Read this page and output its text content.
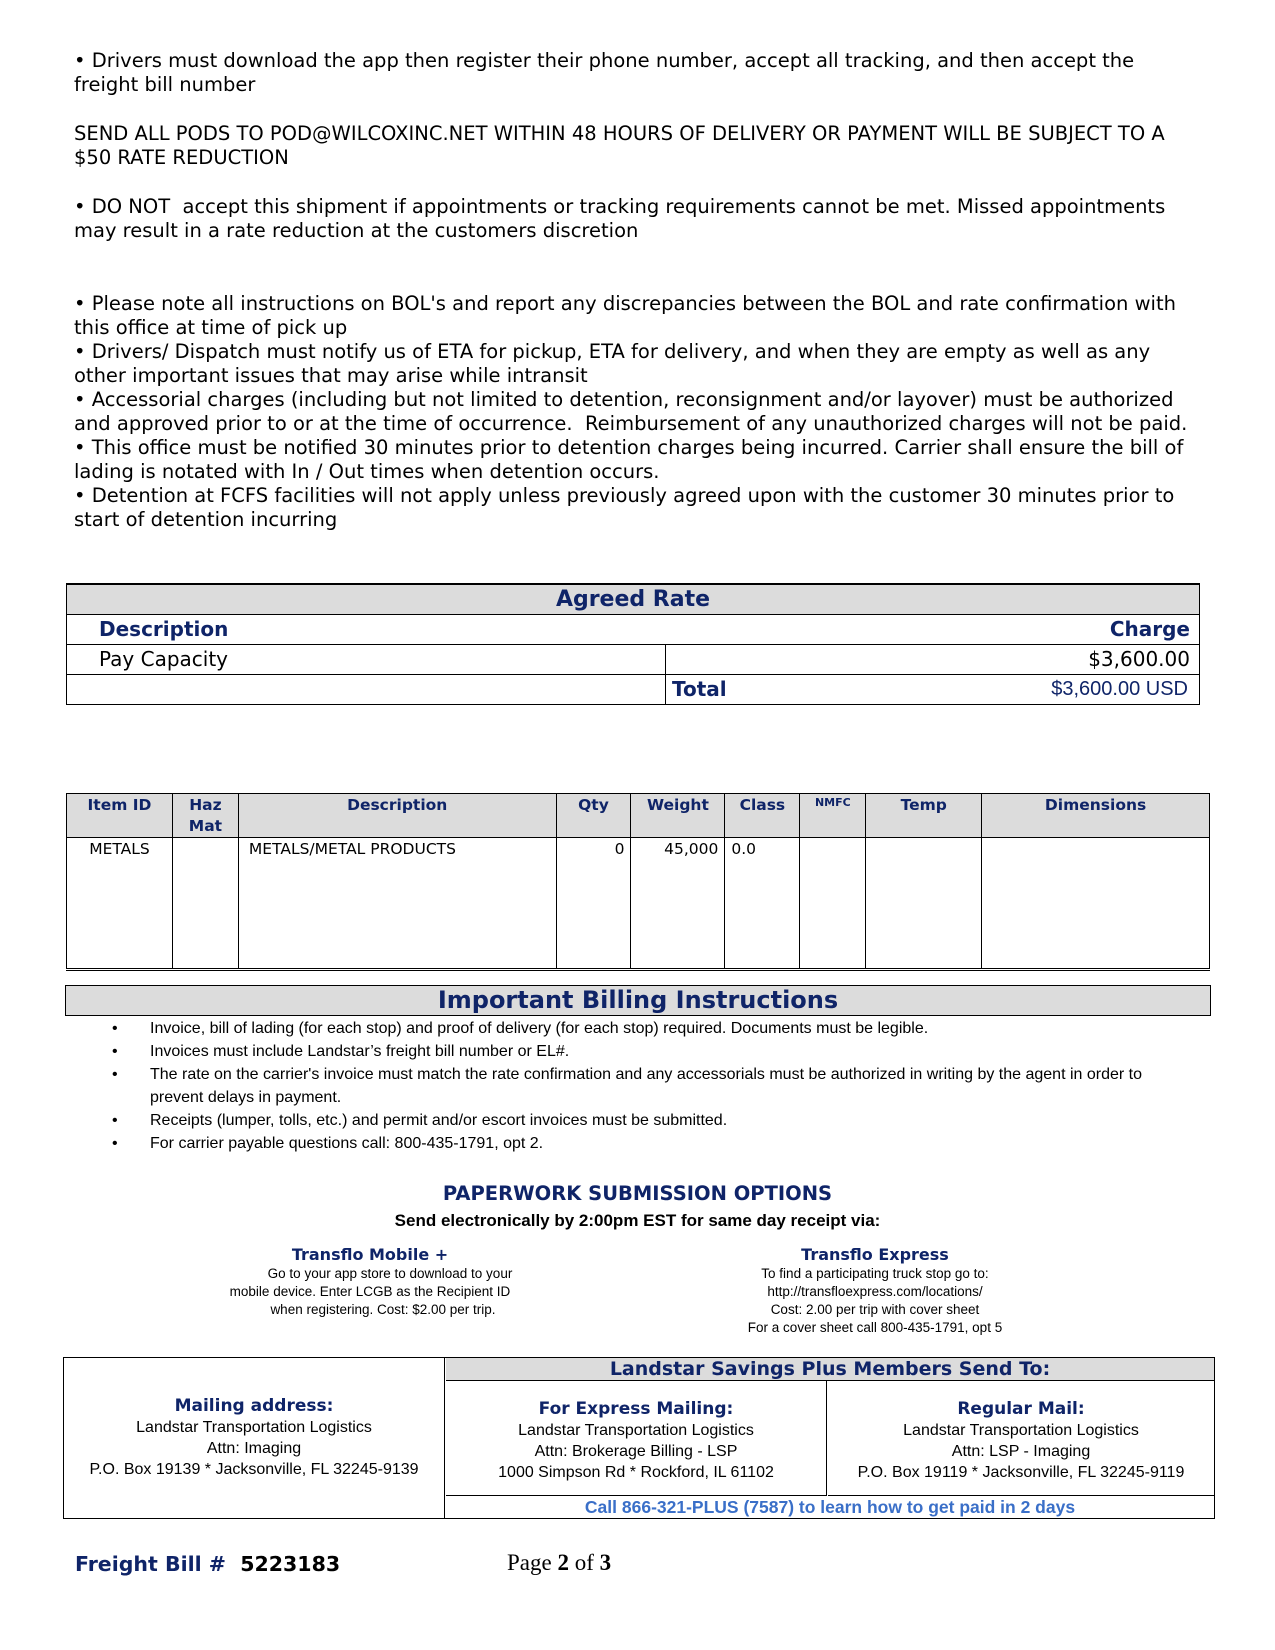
• Drivers must download the app then register their phone number, accept all tracking, and then accept the freight bill number
SEND ALL PODS TO POD@WILCOXINC.NET WITHIN 48 HOURS OF DELIVERY OR PAYMENT WILL BE SUBJECT TO A $50 RATE REDUCTION
• DO NOT  accept this shipment if appointments or tracking requirements cannot be met. Missed appointments may result in a rate reduction at the customers discretion
• Please note all instructions on BOL's and report any discrepancies between the BOL and rate confirmation with this office at time of pick up
• Drivers/ Dispatch must notify us of ETA for pickup, ETA for delivery, and when they are empty as well as any other important issues that may arise while intransit
• Accessorial charges (including but not limited to detention, reconsignment and/or layover) must be authorized and approved prior to or at the time of occurrence.  Reimbursement of any unauthorized charges will not be paid.
• This office must be notified 30 minutes prior to detention charges being incurred. Carrier shall ensure the bill of lading is notated with In / Out times when detention occurs.
• Detention at FCFS facilities will not apply unless previously agreed upon with the customer 30 minutes prior to start of detention incurring
Agreed Rate
Description	Charge
Pay Capacity	$3,600.00
Total	$3,600.00 USD
Item ID	Haz Mat	Description	Qty	Weight	Class	NMFC	Temp	Dimensions
METALS		METALS/METAL PRODUCTS	0	45,000	0.0			
Important Billing Instructions
• Invoice, bill of lading (for each stop) and proof of delivery (for each stop) required. Documents must be legible.
• Invoices must include Landstar’s freight bill number or EL#.
• The rate on the carrier's invoice must match the rate confirmation and any accessorials must be authorized in writing by the agent in order to prevent delays in payment.
• Receipts (lumper, tolls, etc.) and permit and/or escort invoices must be submitted.
• For carrier payable questions call: 800-435-1791, opt 2.
PAPERWORK SUBMISSION OPTIONS
Send electronically by 2:00pm EST for same day receipt via:
Transflo Mobile +
Go to your app store to download to your
mobile device. Enter LCGB as the Recipient ID
when registering. Cost: $2.00 per trip.
Transflo Express
To find a participating truck stop go to:
http://transfloexpress.com/locations/
Cost: 2.00 per trip with cover sheet
For a cover sheet call 800-435-1791, opt 5
Mailing address:
Landstar Transportation Logistics
Attn: Imaging
P.O. Box 19139 * Jacksonville, FL 32245-9139
Landstar Savings Plus Members Send To:
For Express Mailing:
Landstar Transportation Logistics
Attn: Brokerage Billing - LSP
1000 Simpson Rd * Rockford, IL 61102
Regular Mail:
Landstar Transportation Logistics
Attn: LSP - Imaging
P.O. Box 19119 * Jacksonville, FL 32245-9119
Call 866-321-PLUS (7587) to learn how to get paid in 2 days
Freight Bill # 5223183	Page 2 of 3
